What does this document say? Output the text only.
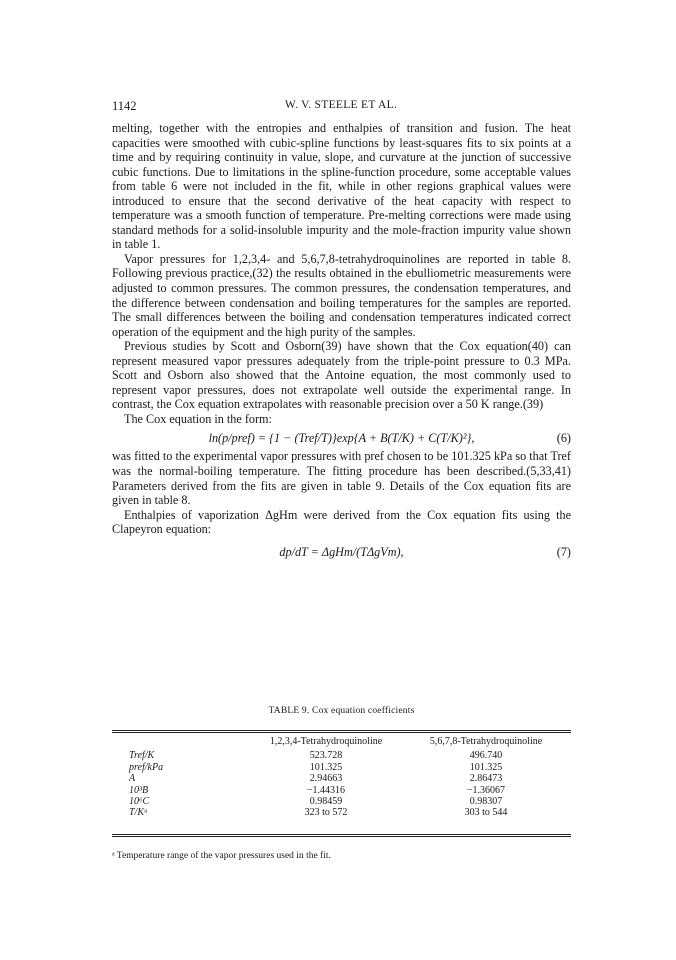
1142	W. V. STEELE ET AL.

melting, together with the entropies and enthalpies of transition and fusion. The heat capacities were smoothed with cubic-spline functions by least-squares fits to six points at a time and by requiring continuity in value, slope, and curvature at the junction of successive cubic functions. Due to limitations in the spline-function procedure, some acceptable values from table 6 were not included in the fit, while in other regions graphical values were introduced to ensure that the second derivative of the heat capacity with respect to temperature was a smooth function of temperature. Pre-melting corrections were made using standard methods for a solid-insoluble impurity and the mole-fraction impurity value shown in table 1.

Vapor pressures for 1,2,3,4- and 5,6,7,8-tetrahydroquinolines are reported in table 8. Following previous practice,(32) the results obtained in the ebulliometric measurements were adjusted to common pressures. The common pressures, the condensation temperatures, and the difference between condensation and boiling temperatures for the samples are reported. The small differences between the boiling and condensation temperatures indicated correct operation of the equipment and the high purity of the samples.

Previous studies by Scott and Osborn(39) have shown that the Cox equation(40) can represent measured vapor pressures adequately from the triple-point pressure to 0.3 MPa. Scott and Osborn also showed that the Antoine equation, the most commonly used to represent vapor pressures, does not extrapolate well outside the experimental range. In contrast, the Cox equation extrapolates with reasonable precision over a 50 K range.(39)

The Cox equation in the form:

ln(p/pref) = {1 − (Tref/T)}exp{A + B(T/K) + C(T/K)²},	(6)

was fitted to the experimental vapor pressures with pref chosen to be 101.325 kPa so that Tref was the normal-boiling temperature. The fitting procedure has been described.(5,33,41) Parameters derived from the fits are given in table 9. Details of the Cox equation fits are given in table 8.

Enthalpies of vaporization ΔgHm were derived from the Cox equation fits using the Clapeyron equation:

dp/dT = ΔgHm/(TΔgVm),	(7)
TABLE 9. Cox equation coefficients
	1,2,3,4-Tetrahydroquinoline	5,6,7,8-Tetrahydroquinoline
Tref/K	523.728	496.740
pref/kPa	101.325	101.325
A	2.94663	2.86473
10³B	−1.44316	−1.36067
10⁶C	0.98459	0.98307
T/Kᵃ	323 to 572	303 to 544
ᵃ Temperature range of the vapor pressures used in the fit.
